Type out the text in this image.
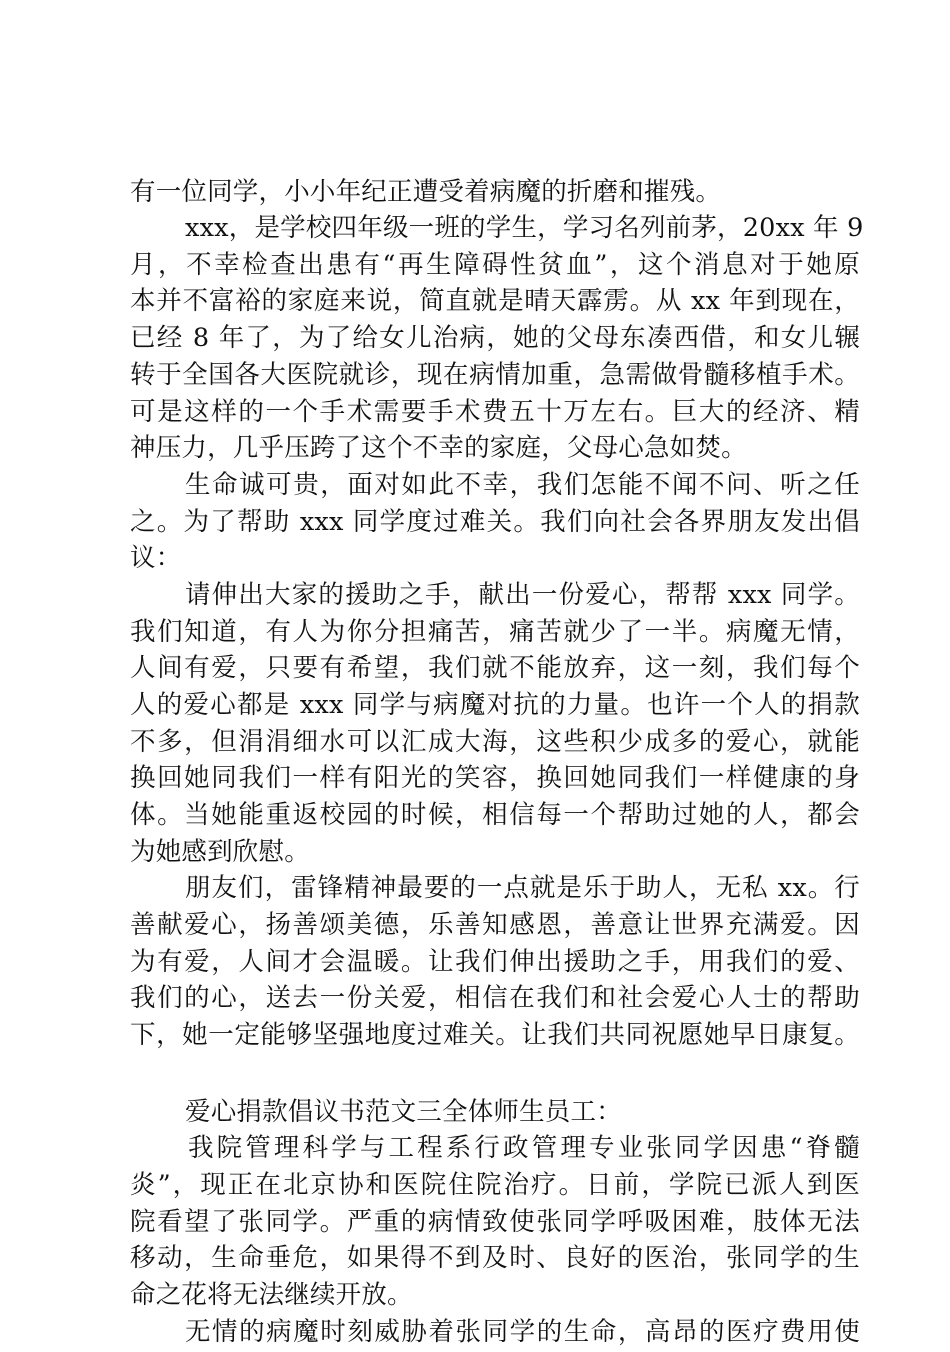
有一位同学，小小年纪正遭受着病魔的折磨和摧残。
xxx，是学校四年级一班的学生，学习名列前茅，20xx 年 9
月，不幸检查出患有“再生障碍性贫血”，这个消息对于她原
本并不富裕的家庭来说，简直就是晴天霹雳。从 xx 年到现在，
已经 8 年了，为了给女儿治病，她的父母东凑西借，和女儿辗
转于全国各大医院就诊，现在病情加重，急需做骨髓移植手术。
可是这样的一个手术需要手术费五十万左右。巨大的经济、精
神压力，几乎压跨了这个不幸的家庭，父母心急如焚。
生命诚可贵，面对如此不幸，我们怎能不闻不问、听之任
之。为了帮助 xxx 同学度过难关。我们向社会各界朋友发出倡
议：
请伸出大家的援助之手，献出一份爱心，帮帮 xxx 同学。
我们知道，有人为你分担痛苦，痛苦就少了一半。病魔无情，
人间有爱，只要有希望，我们就不能放弃，这一刻，我们每个
人的爱心都是 xxx 同学与病魔对抗的力量。也许一个人的捐款
不多，但涓涓细水可以汇成大海，这些积少成多的爱心，就能
换回她同我们一样有阳光的笑容，换回她同我们一样健康的身
体。当她能重返校园的时候，相信每一个帮助过她的人，都会
为她感到欣慰。
朋友们，雷锋精神最要的一点就是乐于助人，无私 xx。行
善献爱心，扬善颂美德，乐善知感恩，善意让世界充满爱。因
为有爱，人间才会温暖。让我们伸出援助之手，用我们的爱、
我们的心，送去一份关爱，相信在我们和社会爱心人士的帮助
下，她一定能够坚强地度过难关。让我们共同祝愿她早日康复。
爱心捐款倡议书范文三全体师生员工：
我院管理科学与工程系行政管理专业张同学因患“脊髓
炎”，现正在北京协和医院住院治疗。日前，学院已派人到医
院看望了张同学。严重的病情致使张同学呼吸困难，肢体无法
移动，生命垂危，如果得不到及时、良好的医治，张同学的生
命之花将无法继续开放。
无情的病魔时刻威胁着张同学的生命，高昂的医疗费用使
